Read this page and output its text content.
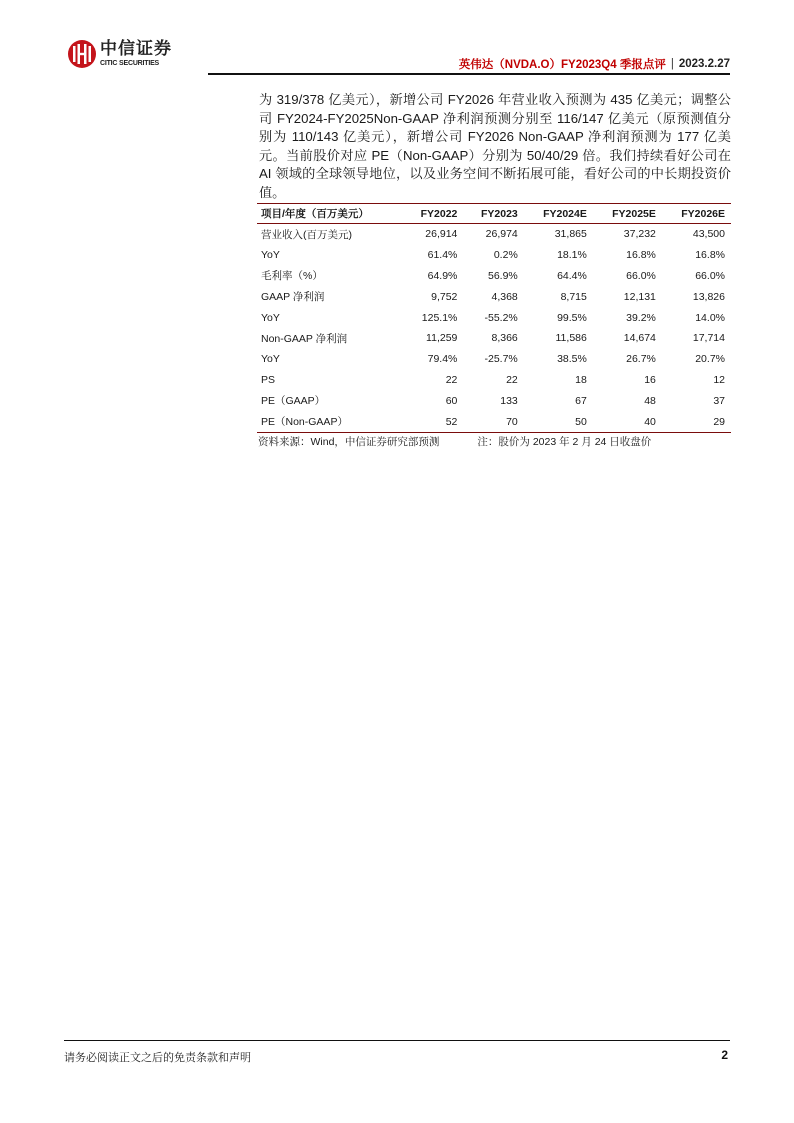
中信证券
CITIC SECURITIES	英伟达（NVDA.O）FY2023Q4 季报点评 | 2023.2.27

为 319/378 亿美元），新增公司 FY2026 年营业收入预测为 435 亿美元；调整公司 FY2024-FY2025Non-GAAP 净利润预测分别至 116/147 亿美元（原预测值分别为 110/143 亿美元），新增公司 FY2026 Non-GAAP 净利润预测为 177 亿美元。当前股价对应 PE（Non-GAAP）分别为 50/40/29 倍。我们持续看好公司在 AI 领域的全球领导地位，以及业务空间不断拓展可能，看好公司的中长期投资价值。

项目/年度（百万美元）	FY2022	FY2023	FY2024E	FY2025E	FY2026E
营业收入(百万美元)	26,914	26,974	31,865	37,232	43,500
YoY	61.4%	0.2%	18.1%	16.8%	16.8%
毛利率（%）	64.9%	56.9%	64.4%	66.0%	66.0%
GAAP 净利润	9,752	4,368	8,715	12,131	13,826
YoY	125.1%	-55.2%	99.5%	39.2%	14.0%
Non-GAAP 净利润	11,259	8,366	11,586	14,674	17,714
YoY	79.4%	-25.7%	38.5%	26.7%	20.7%
PS	22	22	18	16	12
PE（GAAP）	60	133	67	48	37
PE（Non-GAAP）	52	70	50	40	29
资料来源：Wind，中信证券研究部预测	注：股价为 2023 年 2 月 24 日收盘价
请务必阅读正文之后的免责条款和声明	2
